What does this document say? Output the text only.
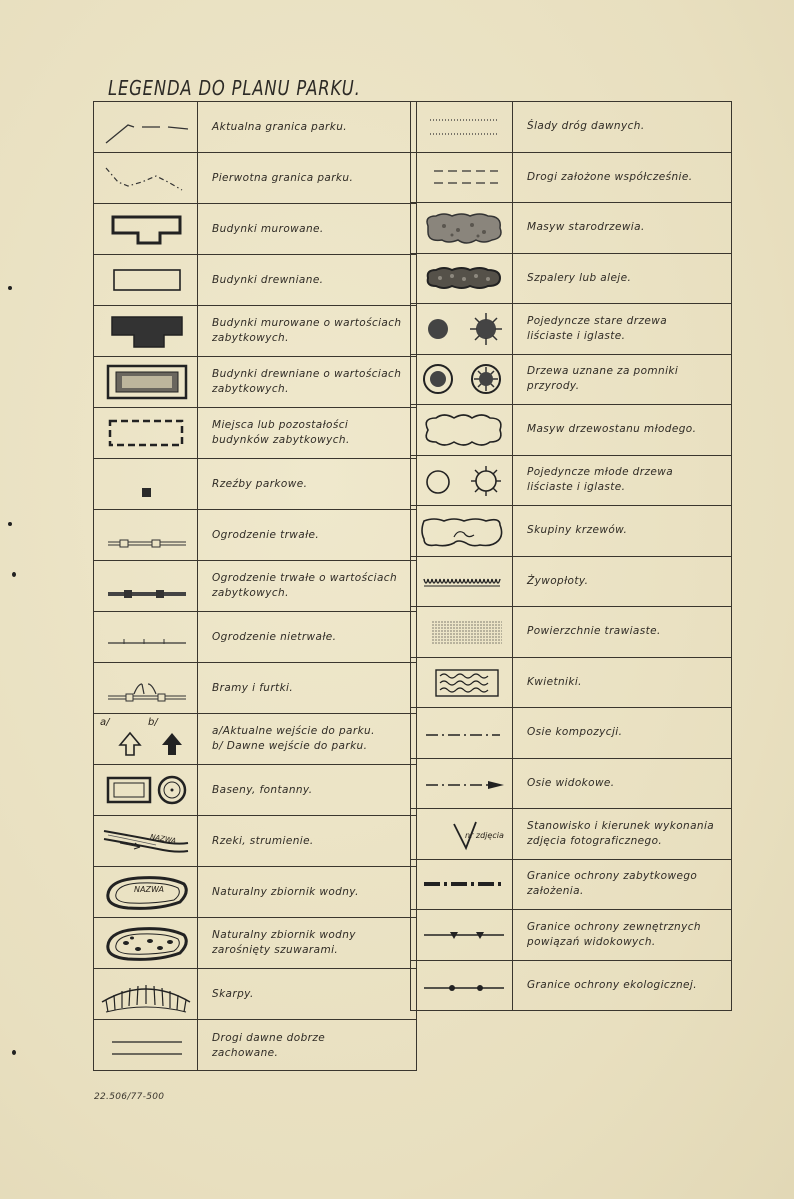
LEGENDA DO PLANU PARKU.
Aktualna granica parku.
Pierwotna granica parku.
Budynki murowane.
Budynki drewniane.
Budynki murowane o wartościach
zabytkowych.
Budynki drewniane o wartościach
zabytkowych.
Miejsca lub pozostałości
budynków zabytkowych.
Rzeźby parkowe.
Ogrodzenie trwałe.
Ogrodzenie trwałe o wartościach
zabytkowych.
Ogrodzenie nietrwałe.
Bramy i furtki.
a/	b/
a/Aktualne wejście do parku.
b/ Dawne wejście do parku.
Baseny, fontanny.
NAZWA	Rzeki, strumienie.
NAZWA	Naturalny zbiornik wodny.
Naturalny zbiornik wodny
zarośnięty szuwarami.
Skarpy.
Drogi dawne dobrze
zachowane.
Ślady dróg dawnych.
Drogi założone współcześnie.
Masyw starodrzewia.
Szpalery lub aleje.
Pojedyncze stare drzewa
liściaste i iglaste.
Drzewa uznane za pomniki
przyrody.
Masyw drzewostanu młodego.
Pojedyncze młode drzewa
liściaste i iglaste.
Skupiny krzewów.
Żywopłoty.
Powierzchnie trawiaste.
Kwietniki.
Osie kompozycji.
Osie widokowe.
nr zdjęcia
Stanowisko i kierunek wykonania
zdjęcia fotograficznego.
Granice ochrony zabytkowego
założenia.
Granice ochrony zewnętrznych
powiązań widokowych.
Granice ochrony ekologicznej.
22.506/77-500
